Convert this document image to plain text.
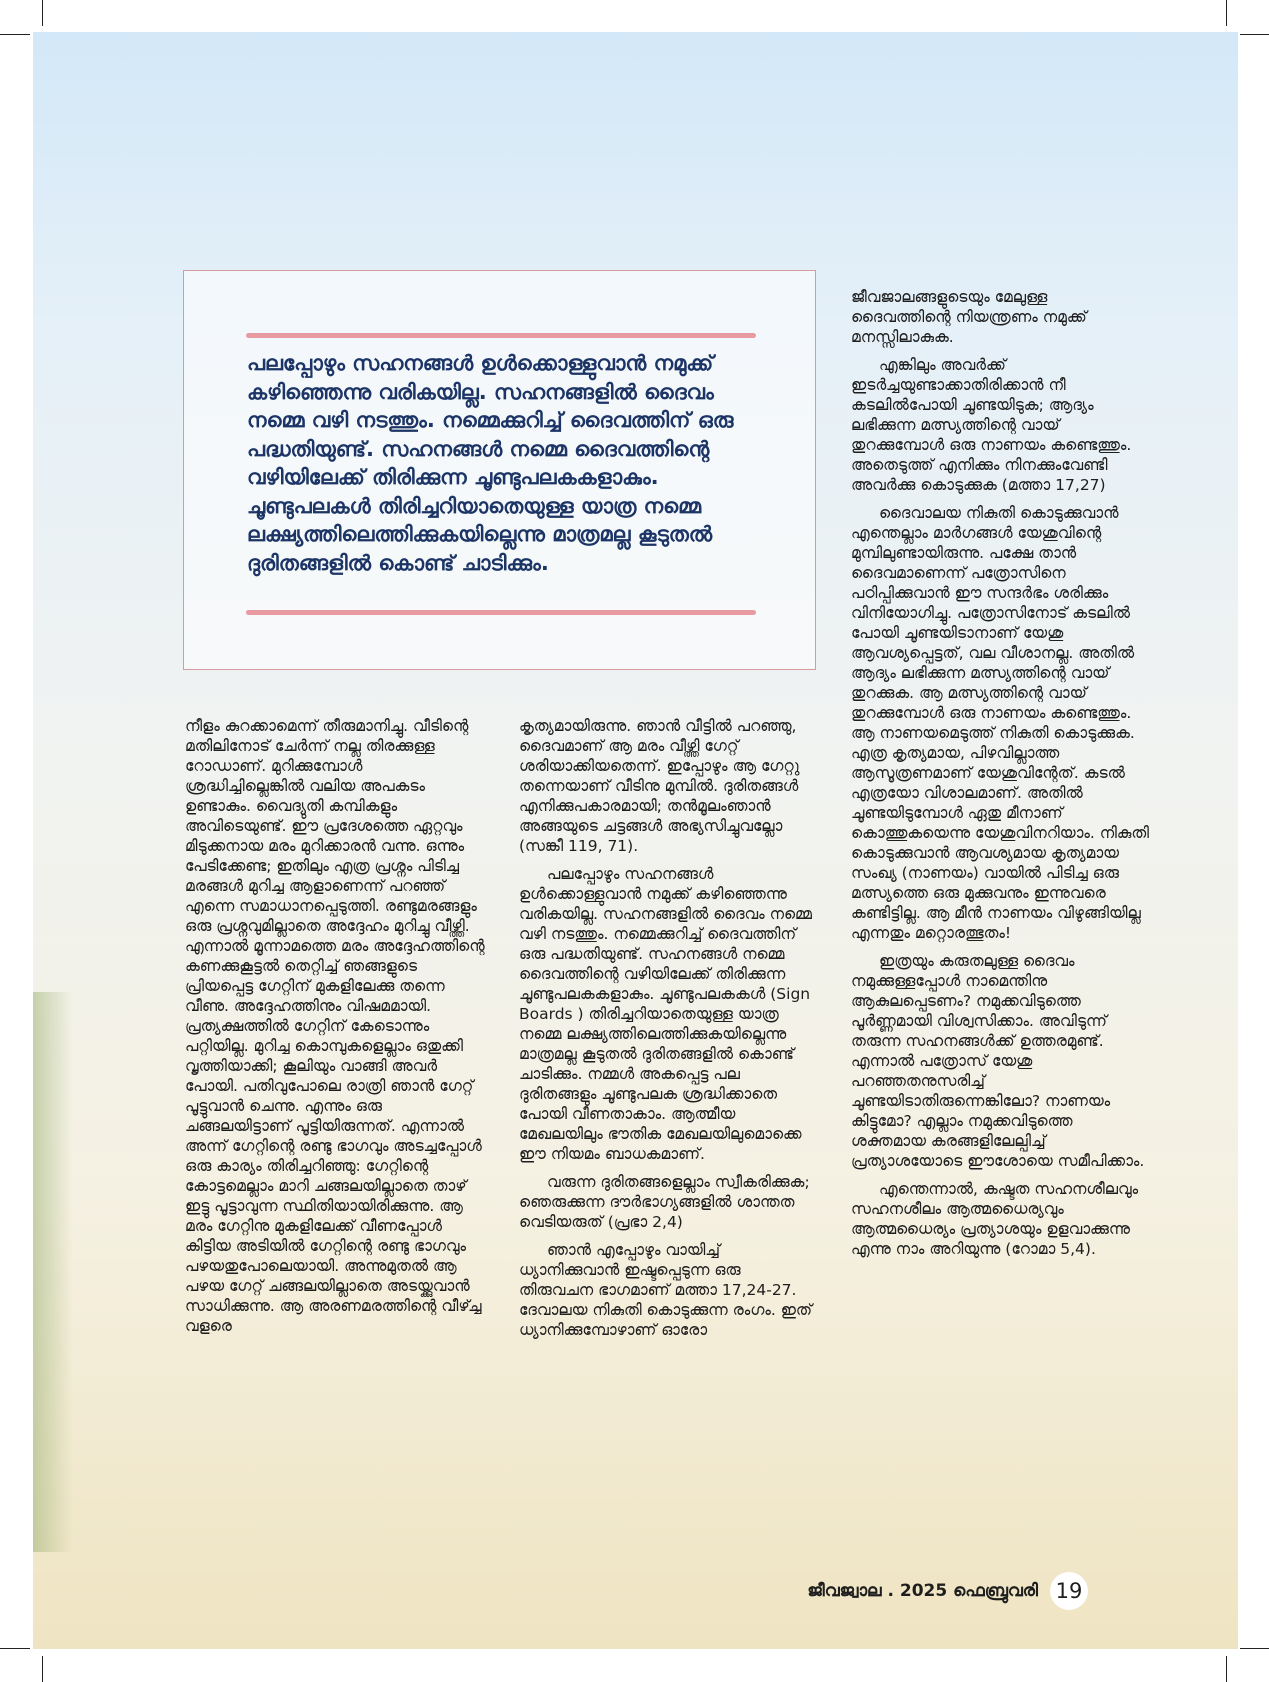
പലപ്പോഴും സഹനങ്ങൾ ഉൾക്കൊള്ളുവാൻ നമുക്ക് കഴിഞ്ഞെന്നു വരികയില്ല. സഹനങ്ങളിൽ ദൈവം നമ്മെ വഴി നടത്തും. നമ്മെക്കുറിച്ച് ദൈവത്തിന് ഒരു പദ്ധതിയുണ്ട്. സഹനങ്ങൾ നമ്മെ ദൈവത്തിന്റെ വഴിയിലേക്ക് തിരിക്കുന്ന ചൂണ്ടുപലകകളാകും. ചൂണ്ടുപലകൾ തിരിച്ചറിയാതെയുള്ള യാത്ര നമ്മെ ലക്ഷ്യത്തിലെത്തിക്കുകയില്ലെന്നു മാത്രമല്ല കൂടുതൽ ദുരിതങ്ങളിൽ കൊണ്ട് ചാടിക്കും.

നീളം കുറക്കാമെന്ന് തീരുമാനിച്ചു. വീടിന്റെ മതിലിനോട് ചേർന്ന് നല്ല തിരക്കുള്ള റോഡാണ്. മുറിക്കുമ്പോൾ ശ്രദ്ധിച്ചില്ലെങ്കിൽ വലിയ അപകടം ഉണ്ടാകും. വൈദ്യുതി കമ്പികളും അവിടെയുണ്ട്. ഈ പ്രദേശത്തെ ഏറ്റവും മിടുക്കനായ മരം മുറിക്കാരൻ വന്നു. ഒന്നും പേടിക്കേണ്ട; ഇതിലും എത്ര പ്രശ്നം പിടിച്ച മരങ്ങൾ മുറിച്ച ആളാണെന്ന് പറഞ്ഞ് എന്നെ സമാധാനപ്പെടുത്തി. രണ്ടുമരങ്ങളും ഒരു പ്രശ്നവുമില്ലാതെ അദ്ദേഹം മുറിച്ചു വീഴ്ത്തി. എന്നാൽ മൂന്നാമത്തെ മരം അദ്ദേഹത്തിന്റെ കണക്കുകൂട്ടൽ തെറ്റിച്ച് ഞങ്ങളുടെ പ്രിയപ്പെട്ട ഗേറ്റിന് മുകളിലേക്കു തന്നെ വീണു. അദ്ദേഹത്തിനും വിഷമമായി. പ്രത്യക്ഷത്തിൽ ഗേറ്റിന് കേടൊന്നും പറ്റിയില്ല. മുറിച്ച കൊമ്പുകളെല്ലാം ഒതുക്കി വൃത്തിയാക്കി; കൂലിയും വാങ്ങി അവർ പോയി. പതിവുപോലെ രാത്രി ഞാൻ ഗേറ്റ് പൂട്ടുവാൻ ചെന്നു. എന്നും ഒരു ചങ്ങലയിട്ടാണ് പൂട്ടിയിരുന്നത്. എന്നാൽ അന്ന് ഗേറ്റിന്റെ രണ്ടു ഭാഗവും അടച്ചപ്പോൾ ഒരു കാര്യം തിരിച്ചറിഞ്ഞു: ഗേറ്റിന്റെ കോട്ടമെല്ലാം മാറി ചങ്ങലയില്ലാതെ താഴ് ഇട്ടു പൂട്ടാവുന്ന സ്ഥിതിയായിരിക്കുന്നു. ആ മരം ഗേറ്റിനു മുകളിലേക്ക് വീണപ്പോൾ കിട്ടിയ അടിയിൽ ഗേറ്റിന്റെ രണ്ടു ഭാഗവും പഴയതുപോലെയായി. അന്നുമുതൽ ആ പഴയ ഗേറ്റ് ചങ്ങലയില്ലാതെ അടയ്ക്കുവാൻ സാധിക്കുന്നു. ആ അരണമരത്തിന്റെ വീഴ്ച്ച വളരെ

കൃത്യമായിരുന്നു. ഞാൻ വീട്ടിൽ പറഞ്ഞു, ദൈവമാണ് ആ മരം വീഴ്ത്തി ഗേറ്റ് ശരിയാക്കിയതെന്ന്. ഇപ്പോഴും ആ ഗേറ്റു തന്നെയാണ് വീടിനു മുമ്പിൽ. ദുരിതങ്ങൾ എനിക്കുപകാരമായി; തൻമൂലംഞാൻ അങ്ങയുടെ ചട്ടങ്ങൾ അഭ്യസിച്ചുവല്ലോ (സങ്കീ 119, 71).

പലപ്പോഴും സഹനങ്ങൾ ഉൾക്കൊള്ളുവാൻ നമുക്ക് കഴിഞ്ഞെന്നു വരികയില്ല. സഹനങ്ങളിൽ ദൈവം നമ്മെ വഴി നടത്തും. നമ്മെക്കുറിച്ച് ദൈവത്തിന് ഒരു പദ്ധതിയുണ്ട്. സഹനങ്ങൾ നമ്മെ ദൈവത്തിന്റെ വഴിയിലേക്ക് തിരിക്കുന്ന ചൂണ്ടുപലകകളാകും. ചൂണ്ടുപലകകൾ (Sign Boards ) തിരിച്ചറിയാതെയുള്ള യാത്ര നമ്മെ ലക്ഷ്യത്തിലെത്തിക്കുകയില്ലെന്നു മാത്രമല്ല കൂടുതൽ ദുരിതങ്ങളിൽ കൊണ്ട് ചാടിക്കും. നമ്മൾ അകപ്പെട്ട പല ദുരിതങ്ങളും ചൂണ്ടുപലക ശ്രദ്ധിക്കാതെ പോയി വീണതാകാം. ആത്മീയ മേഖലയിലും ഭൗതിക മേഖലയിലുമൊക്കെ ഈ നിയമം ബാധകമാണ്.

വരുന്ന ദുരിതങ്ങളെല്ലാം സ്വീകരിക്കുക; ഞെരുക്കുന്ന ദൗർഭാഗ്യങ്ങളിൽ ശാന്തത വെടിയരുത് (പ്രഭാ 2,4)

ഞാൻ എപ്പോഴും വായിച്ച് ധ്യാനിക്കുവാൻ ഇഷ്ടപ്പെടുന്ന ഒരു തിരുവചന ഭാഗമാണ് മത്താ 17,24-27. ദേവാലയ നികുതി കൊടുക്കുന്ന രംഗം. ഇത് ധ്യാനിക്കുമ്പോഴാണ് ഓരോ

ജീവജാലങ്ങളുടെയും മേലുള്ള ദൈവത്തിന്റെ നിയന്ത്രണം നമുക്ക് മനസ്സിലാകുക.

എങ്കിലും അവർക്ക് ഇടർച്ചയുണ്ടാക്കാതിരിക്കാൻ നീ കടലിൽപോയി ചൂണ്ടയിടുക; ആദ്യം ലഭിക്കുന്ന മത്സ്യത്തിന്റെ വായ് തുറക്കുമ്പോൾ ഒരു നാണയം കണ്ടെത്തും. അതെടുത്ത് എനിക്കും നിനക്കുംവേണ്ടി അവർക്കു കൊടുക്കുക (മത്താ 17,27)

ദൈവാലയ നികുതി കൊടുക്കുവാൻ എന്തെല്ലാം മാർഗങ്ങൾ യേശുവിന്റെ മുമ്പിലുണ്ടായിരുന്നു. പക്ഷേ താൻ ദൈവമാണെന്ന് പത്രോസിനെ പഠിപ്പിക്കുവാൻ ഈ സന്ദർഭം ശരിക്കും വിനിയോഗിച്ചു. പത്രോസിനോട് കടലിൽ പോയി ചൂണ്ടയിടാനാണ് യേശു ആവശ്യപ്പെട്ടത്, വല വീശാനല്ല. അതിൽ ആദ്യം ലഭിക്കുന്ന മത്സ്യത്തിന്റെ വായ് തുറക്കുക. ആ മത്സ്യത്തിന്റെ വായ് തുറക്കുമ്പോൾ ഒരു നാണയം കണ്ടെത്തും. ആ നാണയമെടുത്ത് നികുതി കൊടുക്കുക. എത്ര കൃത്യമായ, പിഴവില്ലാത്ത ആസൂത്രണമാണ് യേശുവിന്റേത്. കടൽ എത്രയോ വിശാലമാണ്. അതിൽ ചൂണ്ടയിടുമ്പോൾ ഏതു മീനാണ് കൊത്തുകയെന്നു യേശുവിനറിയാം. നികുതി കൊടുക്കുവാൻ ആവശ്യമായ കൃത്യമായ സംഖ്യ (നാണയം) വായിൽ പിടിച്ച ഒരു മത്സ്യത്തെ ഒരു മുക്കുവനും ഇന്നുവരെ കണ്ടിട്ടില്ല. ആ മീൻ നാണയം വിഴുങ്ങിയില്ല എന്നതും മറ്റൊരത്ഭുതം!

ഇത്രയും കരുതലുള്ള ദൈവം നമുക്കുള്ളപ്പോൾ നാമെന്തിനു ആകുലപ്പെടണം? നമുക്കവിടുത്തെ പൂർണ്ണമായി വിശ്വസിക്കാം. അവിടുന്ന് തരുന്ന സഹനങ്ങൾക്ക് ഉത്തരമുണ്ട്. എന്നാൽ പത്രോസ് യേശു പറഞ്ഞതനുസരിച്ച് ചൂണ്ടയിടാതിരുന്നെങ്കിലോ? നാണയം കിട്ടുമോ? എല്ലാം നമുക്കവിടുത്തെ ശക്തമായ കരങ്ങളിലേല്പിച്ച് പ്രത്യാശയോടെ ഈശോയെ സമീപിക്കാം.

എന്തെന്നാൽ, കഷ്ടത സഹനശീലവും സഹനശീലം ആത്മധൈര്യവും ആത്മധൈര്യം പ്രത്യാശയും ഉളവാക്കുന്നു എന്നു നാം അറിയുന്നു (റോമാ 5,4).

ജീവജ്വാല . 2025 ഫെബ്രുവരി 19
